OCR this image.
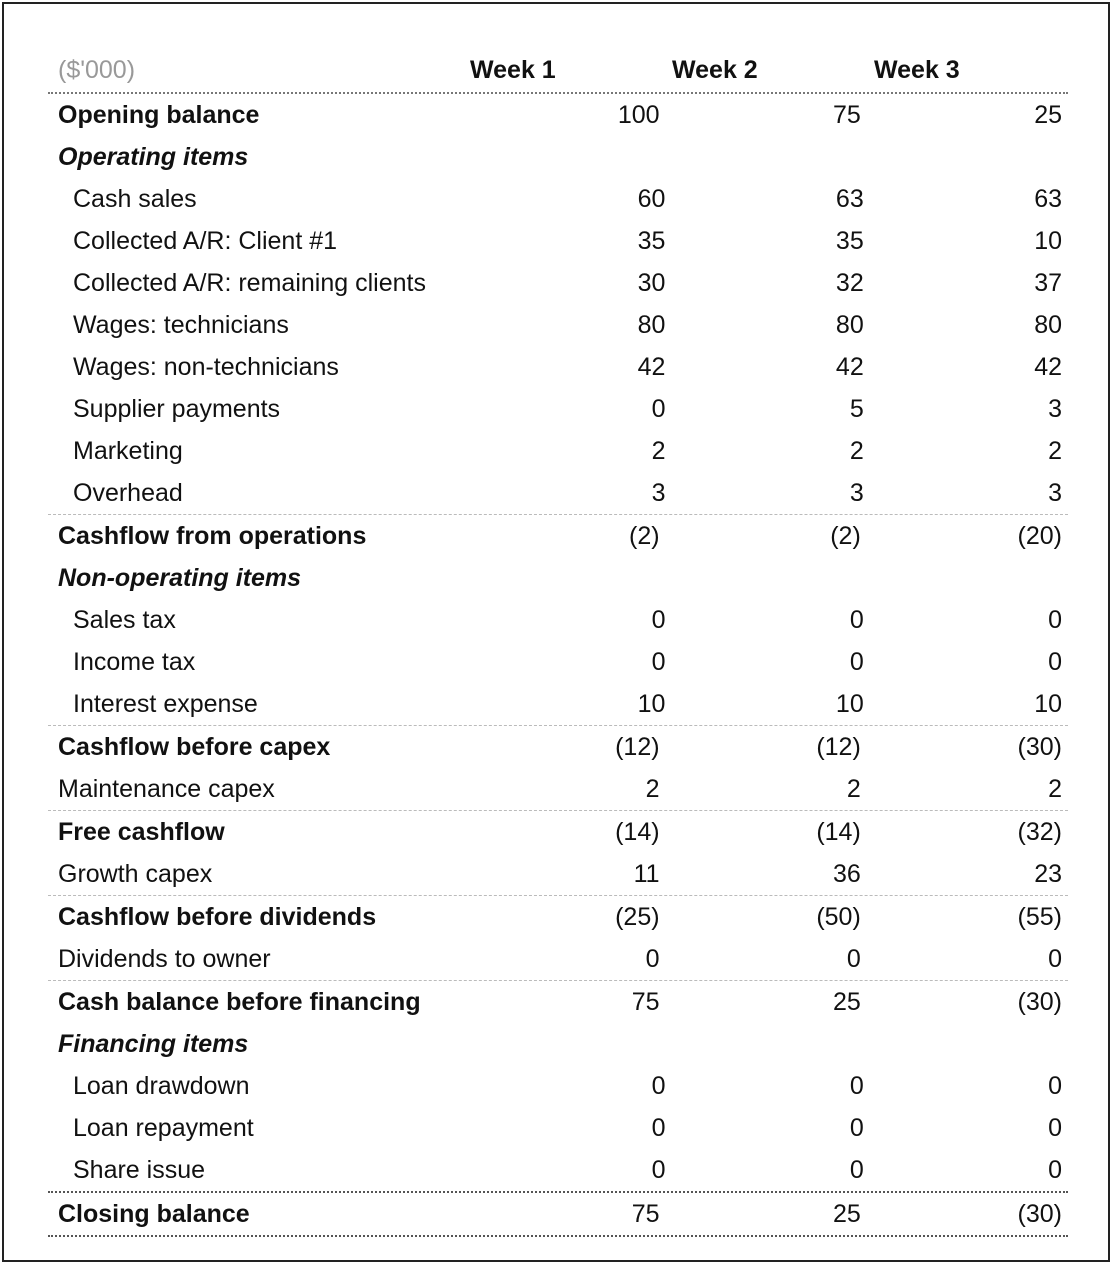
($'000)	Week 1	Week 2	Week 3
Opening balance	100	75	25
Operating items
Cash sales	60	63	63
Collected A/R: Client #1	35	35	10
Collected A/R: remaining clients	30	32	37
Wages: technicians	80	80	80
Wages: non-technicians	42	42	42
Supplier payments	0	5	3
Marketing	2	2	2
Overhead	3	3	3
Cashflow from operations	(2)	(2)	(20)
Non-operating items
Sales tax	0	0	0
Income tax	0	0	0
Interest expense	10	10	10
Cashflow before capex	(12)	(12)	(30)
Maintenance capex	2	2	2
Free cashflow	(14)	(14)	(32)
Growth capex	11	36	23
Cashflow before dividends	(25)	(50)	(55)
Dividends to owner	0	0	0
Cash balance before financing	75	25	(30)
Financing items
Loan drawdown	0	0	0
Loan repayment	0	0	0
Share issue	0	0	0
Closing balance	75	25	(30)
